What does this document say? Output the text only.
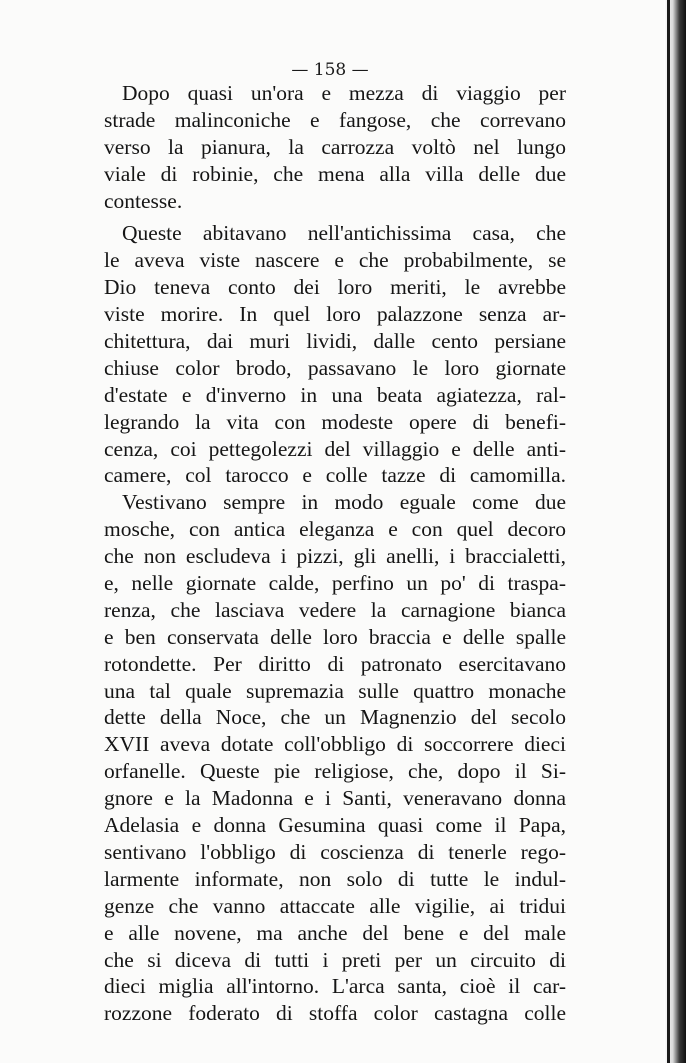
— 158 —
Dopo quasi un'ora e mezza di viaggio per
strade malinconiche e fangose, che correvano
verso la pianura, la carrozza voltò nel lungo
viale di robinie, che mena alla villa delle due
contesse.
Queste abitavano nell'antichissima casa, che
le aveva viste nascere e che probabilmente, se
Dio teneva conto dei loro meriti, le avrebbe
viste morire. In quel loro palazzone senza ar-
chitettura, dai muri lividi, dalle cento persiane
chiuse color brodo, passavano le loro giornate
d'estate e d'inverno in una beata agiatezza, ral-
legrando la vita con modeste opere di benefi-
cenza, coi pettegolezzi del villaggio e delle anti-
camere, col tarocco e colle tazze di camomilla.
Vestivano sempre in modo eguale come due
mosche, con antica eleganza e con quel decoro
che non escludeva i pizzi, gli anelli, i braccialetti,
e, nelle giornate calde, perfino un po' di traspa-
renza, che lasciava vedere la carnagione bianca
e ben conservata delle loro braccia e delle spalle
rotondette. Per diritto di patronato esercitavano
una tal quale supremazia sulle quattro monache
dette della Noce, che un Magnenzio del secolo
XVII aveva dotate coll'obbligo di soccorrere dieci
orfanelle. Queste pie religiose, che, dopo il Si-
gnore e la Madonna e i Santi, veneravano donna
Adelasia e donna Gesumina quasi come il Papa,
sentivano l'obbligo di coscienza di tenerle rego-
larmente informate, non solo di tutte le indul-
genze che vanno attaccate alle vigilie, ai tridui
e alle novene, ma anche del bene e del male
che si diceva di tutti i preti per un circuito di
dieci miglia all'intorno. L'arca santa, cioè il car-
rozzone foderato di stoffa color castagna colle
